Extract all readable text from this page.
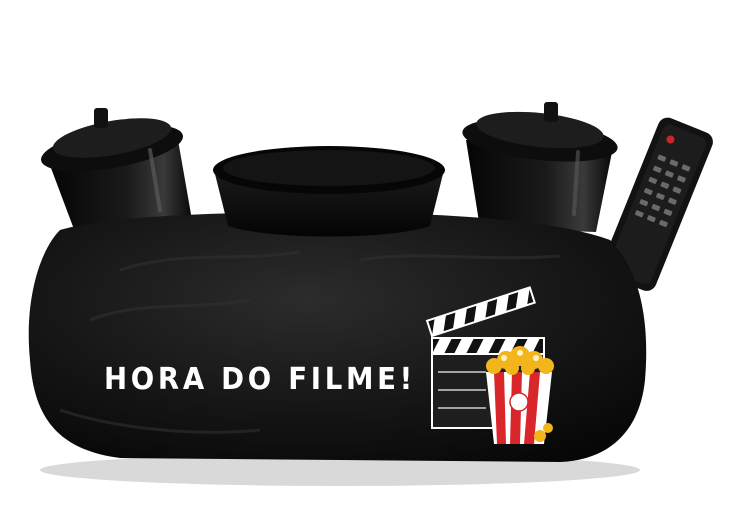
HORA DO FILME!
